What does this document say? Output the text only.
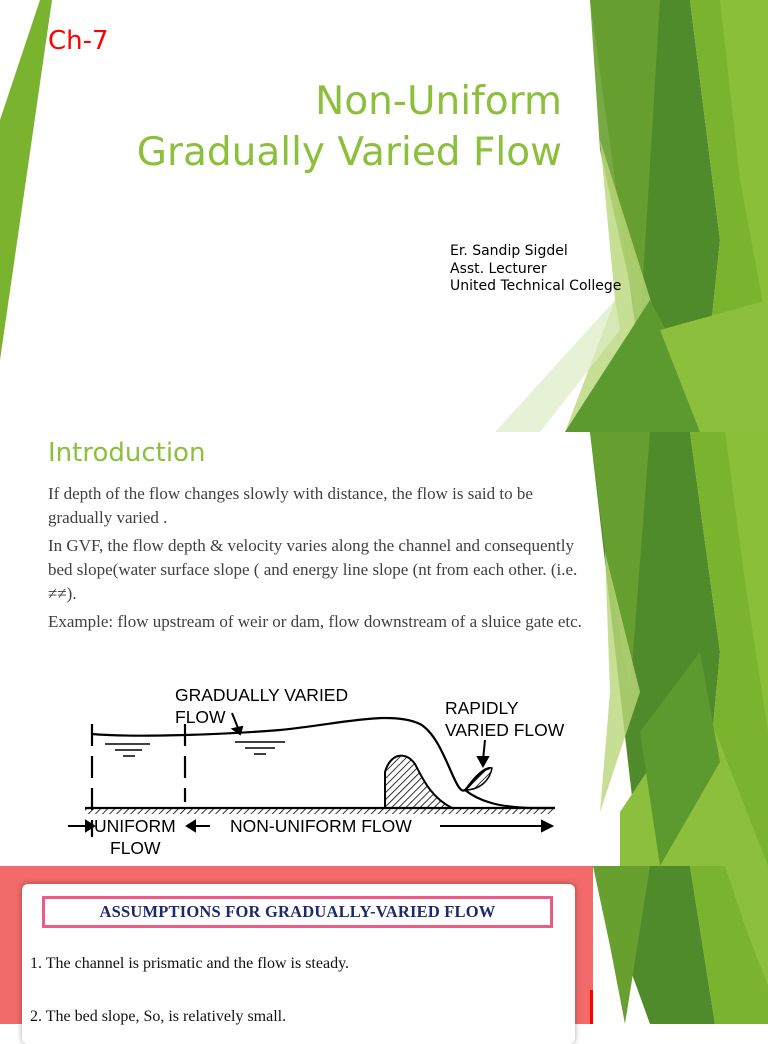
Ch-7
Non-Uniform
Gradually Varied Flow
Er. Sandip Sigdel
Asst. Lecturer
United Technical College
Introduction

If depth of the flow changes slowly with distance, the flow is said to be gradually varied .

In GVF, the flow depth & velocity varies along the channel and consequently bed slope(water surface slope ( and energy line slope (nt from each other. (i.e. ≠≠).

Example: flow upstream of weir or dam, flow downstream of a sluice gate etc.

GRADUALLY VARIED
FLOW	RAPIDLY
VARIED FLOW
UNIFORM
FLOW
NON-UNIFORM FLOW
ASSUMPTIONS FOR GRADUALLY-VARIED FLOW
1. The channel is prismatic and the flow is steady.
2. The bed slope, So, is relatively small.
